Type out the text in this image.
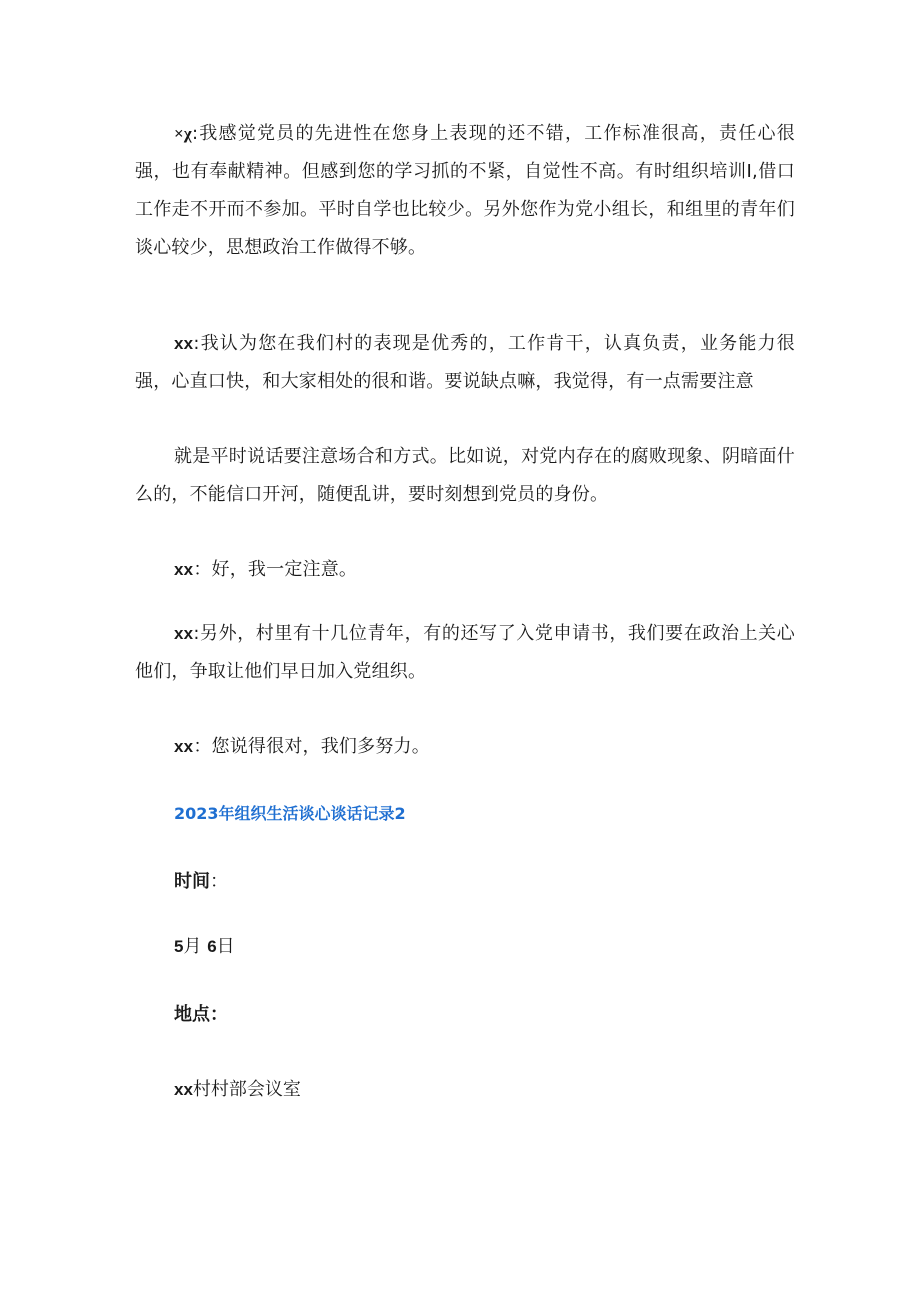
×χ:我感觉党员的先进性在您身上表现的还不错，工作标准很高，责任心很强，也有奉献精神。但感到您的学习抓的不紧，自觉性不高。有时组织培训I,借口工作走不开而不参加。平时自学也比较少。另外您作为党小组长，和组里的青年们谈心较少，思想政治工作做得不够。

xx:我认为您在我们村的表现是优秀的，工作肯干，认真负责，业务能力很强，心直口快，和大家相处的很和谐。要说缺点嘛，我觉得，有一点需要注意

就是平时说话要注意场合和方式。比如说，对党内存在的腐败现象、阴暗面什么的，不能信口开河，随便乱讲，要时刻想到党员的身份。

xx：好，我一定注意。

xx:另外，村里有十几位青年，有的还写了入党申请书，我们要在政治上关心他们，争取让他们早日加入党组织。

xx：您说得很对，我们多努力。

2023年组织生活谈心谈话记录2

时间：

5月 6日

地点：

xx村村部会议室
